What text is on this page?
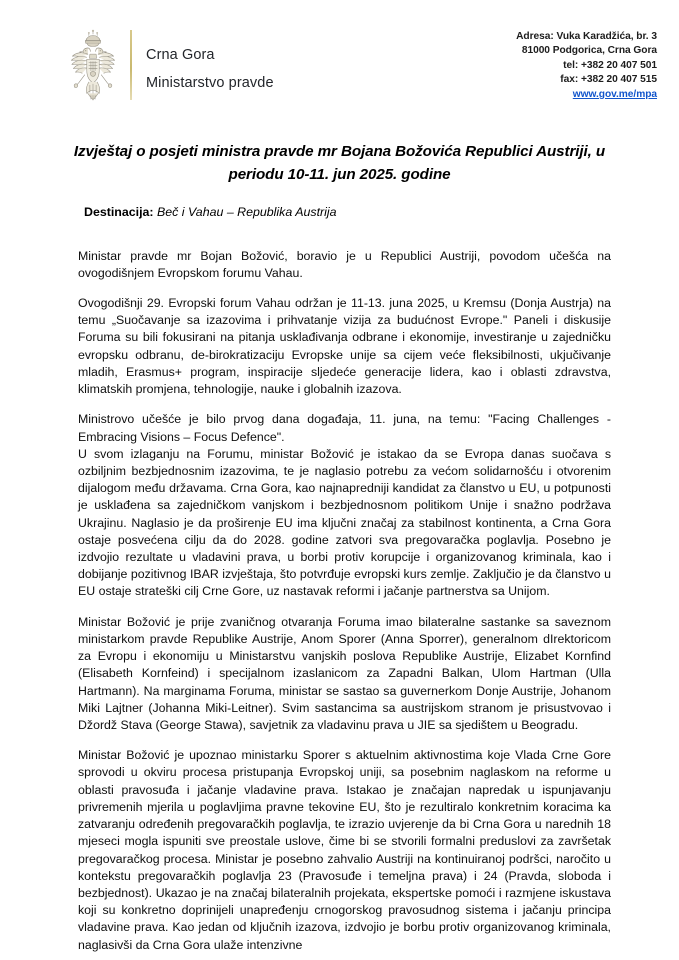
Crna Gora
Ministarstvo pravde
Adresa: Vuka Karadžića, br. 3
81000 Podgorica, Crna Gora
tel: +382 20 407 501
fax: +382 20 407 515
www.gov.me/mpa
Izvještaj o posjeti ministra pravde mr Bojana Božovića Republici Austriji, u periodu 10-11. jun 2025. godine
Destinacija: Beč i Vahau – Republika Austrija

Ministar pravde mr Bojan Božović, boravio je u Republici Austriji, povodom učešća na ovogodišnjem Evropskom forumu Vahau.

Ovogodišnji 29. Evropski forum Vahau održan je 11-13. juna 2025, u Kremsu (Donja Austrja) na temu „Suočavanje sa izazovima i prihvatanje vizija za budućnost Evrope." Paneli i diskusije Foruma su bili fokusirani na pitanja usklađivanja odbrane i ekonomije, investiranje u zajedničku evropsku odbranu, de-birokratizaciju Evropske unije sa cijem veće fleksibilnosti, ukjučivanje mladih, Erasmus+ program, inspiracije sljedeće generacije lidera, kao i oblasti zdravstva, klimatskih promjena, tehnologije, nauke i globalnih izazova.

Ministrovo učešće je bilo prvog dana događaja, 11. juna, na temu: "Facing Challenges - Embracing Visions – Focus Defence".

U svom izlaganju na Forumu, ministar Božović je istakao da se Evropa danas suočava s ozbiljnim bezbjednosnim izazovima, te je naglasio potrebu za većom solidarnošću i otvorenim dijalogom među državama. Crna Gora, kao najnapredniji kandidat za članstvo u EU, u potpunosti je usklađena sa zajedničkom vanjskom i bezbjednosnom politikom Unije i snažno podržava Ukrajinu. Naglasio je da proširenje EU ima ključni značaj za stabilnost kontinenta, a Crna Gora ostaje posvećena cilju da do 2028. godine zatvori sva pregovaračka poglavlja. Posebno je izdvojio rezultate u vladavini prava, u borbi protiv korupcije i organizovanog kriminala, kao i dobijanje pozitivnog IBAR izvještaja, što potvrđuje evropski kurs zemlje. Zaključio je da članstvo u EU ostaje strateški cilj Crne Gore, uz nastavak reformi i jačanje partnerstva sa Unijom.

Ministar Božović je prije zvaničnog otvaranja Foruma imao bilateralne sastanke sa saveznom ministarkom pravde Republike Austrije, Anom Sporer (Anna Sporrer), generalnom dIrektoricom za Evropu i ekonomiju u Ministarstvu vanjskih poslova Republike Austrije, Elizabet Kornfind (Elisabeth Kornfeind) i specijalnom izaslanicom za Zapadni Balkan, Ulom Hartman (Ulla Hartmann). Na marginama Foruma, ministar se sastao sa guvernerkom Donje Austrije, Johanom Miki Lajtner (Johanna Miki-Leitner). Svim sastancima sa austrijskom stranom je prisustvovao i Džordž Stava (George Stawa), savjetnik za vladavinu prava u JIE sa sjedištem u Beogradu.

Ministar Božović je upoznao ministarku Sporer s aktuelnim aktivnostima koje Vlada Crne Gore sprovodi u okviru procesa pristupanja Evropskoj uniji, sa posebnim naglaskom na reforme u oblasti pravosuđa i jačanje vladavine prava. Istakao je značajan napredak u ispunjavanju privremenih mjerila u poglavljima pravne tekovine EU, što je rezultiralo konkretnim koracima ka zatvaranju određenih pregovaračkih poglavlja, te izrazio uvjerenje da bi Crna Gora u narednih 18 mjeseci mogla ispuniti sve preostale uslove, čime bi se stvorili formalni preduslovi za završetak pregovaračkog procesa. Ministar je posebno zahvalio Austriji na kontinuiranoj podršci, naročito u kontekstu pregovaračkih poglavlja 23 (Pravosuđe i temeljna prava) i 24 (Pravda, sloboda i bezbjednost). Ukazao je na značaj bilateralnih projekata, ekspertske pomoći i razmjene iskustava koji su konkretno doprinijeli unapređenju crnogorskog pravosudnog sistema i jačanju principa vladavine prava. Kao jedan od ključnih izazova, izdvojio je borbu protiv organizovanog kriminala, naglasivši da Crna Gora ulaže intenzivne
